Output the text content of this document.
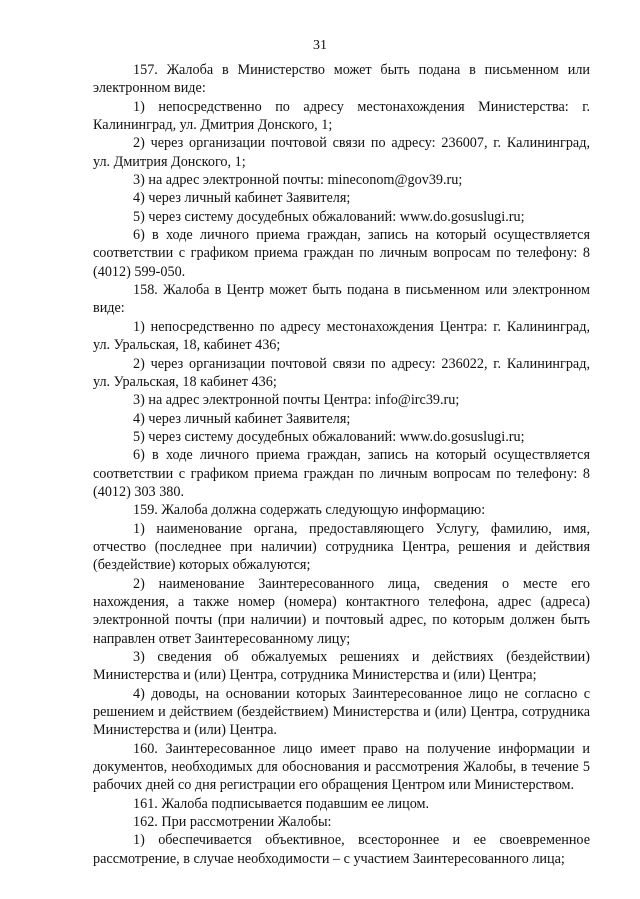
31

157. Жалоба в Министерство может быть подана в письменном или электронном виде:

1) непосредственно по адресу местонахождения Министерства: г. Калининград, ул. Дмитрия Донского, 1;

2) через организации почтовой связи по адресу: 236007, г. Калининград, ул. Дмитрия Донского, 1;

3) на адрес электронной почты: mineconom@gov39.ru;

4) через личный кабинет Заявителя;

5) через систему досудебных обжалований: www.do.gosuslugi.ru;

6) в ходе личного приема граждан, запись на который осуществляется соответствии с графиком приема граждан по личным вопросам по телефону: 8 (4012) 599-050.

158. Жалоба в Центр может быть подана в письменном или электронном виде:

1) непосредственно по адресу местонахождения Центра: г. Калининград, ул. Уральская, 18, кабинет 436;

2) через организации почтовой связи по адресу: 236022, г. Калининград, ул. Уральская, 18 кабинет 436;

3) на адрес электронной почты Центра: info@irc39.ru;

4) через личный кабинет Заявителя;

5) через систему досудебных обжалований: www.do.gosuslugi.ru;

6) в ходе личного приема граждан, запись на который осуществляется соответствии с графиком приема граждан по личным вопросам по телефону: 8 (4012) 303 380.

159. Жалоба должна содержать следующую информацию:

1) наименование органа, предоставляющего Услугу, фамилию, имя, отчество (последнее при наличии) сотрудника Центра, решения и действия (бездействие) которых обжалуются;

2) наименование Заинтересованного лица, сведения о месте его нахождения, а также номер (номера) контактного телефона, адрес (адреса) электронной почты (при наличии) и почтовый адрес, по которым должен быть направлен ответ Заинтересованному лицу;

3) сведения об обжалуемых решениях и действиях (бездействии) Министерства и (или) Центра, сотрудника Министерства и (или) Центра;

4) доводы, на основании которых Заинтересованное лицо не согласно с решением и действием (бездействием) Министерства и (или) Центра, сотрудника Министерства и (или) Центра.

160. Заинтересованное лицо имеет право на получение информации и документов, необходимых для обоснования и рассмотрения Жалобы, в течение 5 рабочих дней со дня регистрации его обращения Центром или Министерством.

161. Жалоба подписывается подавшим ее лицом.

162. При рассмотрении Жалобы:

1) обеспечивается объективное, всестороннее и ее своевременное рассмотрение, в случае необходимости – с участием Заинтересованного лица;
